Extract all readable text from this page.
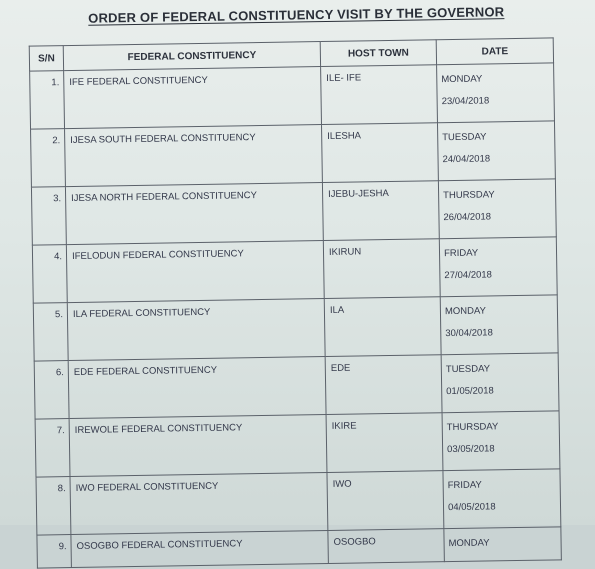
ORDER OF FEDERAL CONSTITUENCY VISIT BY THE GOVERNOR
S/N	FEDERAL CONSTITUENCY	HOST TOWN	DATE
1.	IFE FEDERAL CONSTITUENCY	ILE- IFE	MONDAY
23/04/2018

2.	IJESA SOUTH FEDERAL CONSTITUENCY	ILESHA	TUESDAY
24/04/2018

3.	IJESA NORTH FEDERAL CONSTITUENCY	IJEBU-JESHA	THURSDAY
26/04/2018

4.	IFELODUN FEDERAL CONSTITUENCY	IKIRUN	FRIDAY
27/04/2018

5.	ILA FEDERAL CONSTITUENCY	ILA	MONDAY
30/04/2018

6.	EDE FEDERAL CONSTITUENCY	EDE	TUESDAY
01/05/2018

7.	IREWOLE FEDERAL CONSTITUENCY	IKIRE	THURSDAY
03/05/2018

8.	IWO FEDERAL CONSTITUENCY	IWO	FRIDAY
04/05/2018

9.	OSOGBO FEDERAL CONSTITUENCY	OSOGBO	MONDAY
